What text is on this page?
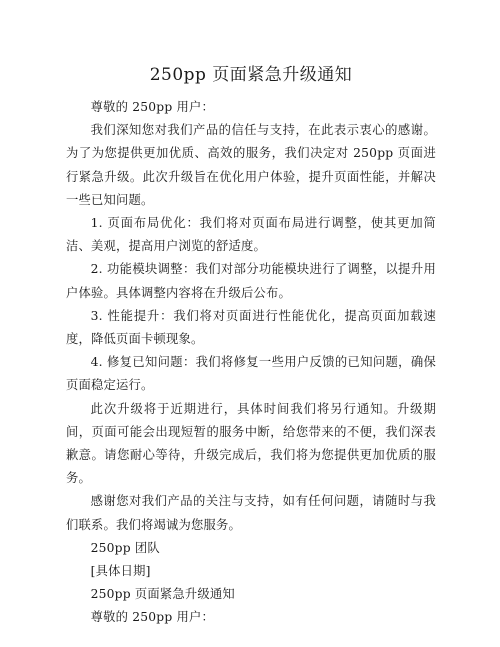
250pp 页面紧急升级通知

尊敬的 250pp 用户：

我们深知您对我们产品的信任与支持，在此表示衷心的感谢。为了为您提供更加优质、高效的服务，我们决定对 250pp 页面进行紧急升级。此次升级旨在优化用户体验，提升页面性能，并解决一些已知问题。

1. 页面布局优化：我们将对页面布局进行调整，使其更加简洁、美观，提高用户浏览的舒适度。

2. 功能模块调整：我们对部分功能模块进行了调整，以提升用户体验。具体调整内容将在升级后公布。

3. 性能提升：我们将对页面进行性能优化，提高页面加载速度，降低页面卡顿现象。

4. 修复已知问题：我们将修复一些用户反馈的已知问题，确保页面稳定运行。

此次升级将于近期进行，具体时间我们将另行通知。升级期间，页面可能会出现短暂的服务中断，给您带来的不便，我们深表歉意。请您耐心等待，升级完成后，我们将为您提供更加优质的服务。

感谢您对我们产品的关注与支持，如有任何问题，请随时与我们联系。我们将竭诚为您服务。

250pp 团队

[具体日期]

250pp 页面紧急升级通知

尊敬的 250pp 用户：
